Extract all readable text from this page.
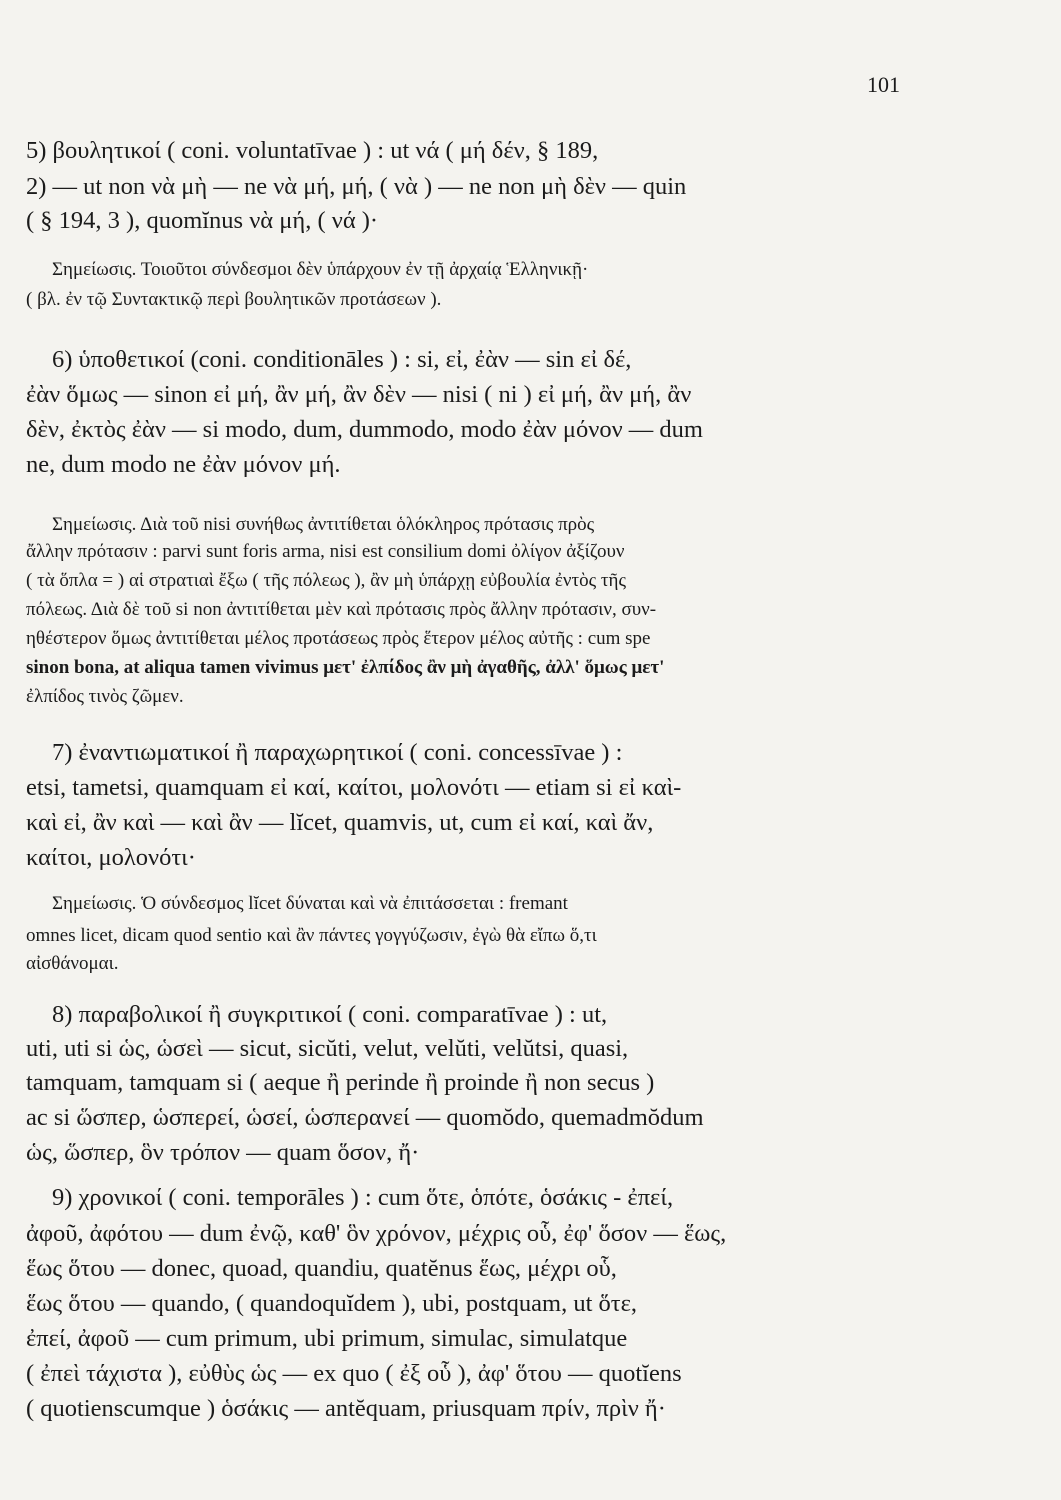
101
5) βουλητικοί ( coni. voluntatīvae ) : ut νά ( μή δέν, § 189,
2) — ut non νὰ μὴ — ne νὰ μή, μή, ( νὰ ) — ne non μὴ δὲν — quin
( § 194, 3 ), quomĭnus νὰ μή, ( νά )·
Σημείωσις. Τοιοῦτοι σύνδεσμοι δὲν ὑπάρχουν ἐν τῇ ἀρχαίᾳ Ἑλληνικῇ·
( βλ. ἐν τῷ Συντακτικῷ περὶ βουλητικῶν προτάσεων ).
6) ὑποθετικοί (coni. conditionāles ) : si, εἰ, ἐὰν — sin εἰ δέ,
ἐὰν ὅμως — sinon εἰ μή, ἂν μή, ἂν δὲν — nisi ( ni ) εἰ μή, ἂν μή, ἂν
δὲν, ἐκτὸς ἐὰν — si modo, dum, dummodo, modo ἐὰν μόνον — dum
ne, dum modo ne ἐὰν μόνον μή.
Σημείωσις. Διὰ τοῦ nisi συνήθως ἀντιτίθεται ὁλόκληρος πρότασις πρὸς
ἄλλην πρότασιν : parvi sunt foris arma, nisi est consilium domi ὀλίγον ἀξίζουν
( τὰ ὅπλα = ) αἱ στρατιαὶ ἔξω ( τῆς πόλεως ), ἂν μὴ ὑπάρχῃ εὐβουλία ἐντὸς τῆς
πόλεως. Διὰ δὲ τοῦ si non ἀντιτίθεται μὲν καὶ πρότασις πρὸς ἄλλην πρότασιν, συν-
ηθέστερον ὅμως ἀντιτίθεται μέλος προτάσεως πρὸς ἕτερον μέλος αὐτῆς : cum spe
sinon bona, at aliqua tamen vivimus μετ' ἐλπίδος ἂν μὴ ἀγαθῆς, ἀλλ' ὅμως μετ'
ἐλπίδος τινὸς ζῶμεν.
7) ἐναντιωματικοί ἢ παραχωρητικοί ( coni. concessīvae ) :
etsi, tametsi, quamquam εἰ καί, καίτοι, μολονότι — etiam si εἰ καὶ-
καὶ εἰ, ἂν καὶ — καὶ ἂν — lĭcet, quamvis, ut, cum εἰ καί, καὶ ἄν,
καίτοι, μολονότι·
Σημείωσις. Ὁ σύνδεσμος lĭcet δύναται καὶ νὰ ἐπιτάσσεται : fremant
omnes licet, dicam quod sentio καὶ ἂν πάντες γογγύζωσιν, ἐγὼ θὰ εἴπω ὅ,τι
αἰσθάνομαι.
8) παραβολικοί ἢ συγκριτικοί ( coni. comparatīvae ) : ut,
uti, uti si ὡς, ὡσεὶ — sicut, sicŭti, velut, velŭti, velŭtsi, quasi,
tamquam, tamquam si ( aeque ἢ perinde ἢ proinde ἢ non secus )
ac si ὥσπερ, ὡσπερεί, ὡσεί, ὡσπερανεί — quomŏdo, quemadmŏdum
ὡς, ὥσπερ, ὃν τρόπον — quam ὅσον, ἤ·
9) χρονικοί ( coni. temporāles ) : cum ὅτε, ὁπότε, ὁσάκις - ἐπεί,
ἀφοῦ, ἀφότου — dum ἐνῷ, καθ' ὃν χρόνον, μέχρις οὗ, ἐφ' ὅσον — ἕως,
ἕως ὅτου — donec, quoad, quandiu, quatĕnus ἕως, μέχρι οὗ,
ἕως ὅτου — quando, ( quandoquĭdem ), ubi, postquam, ut ὅτε,
ἐπεί, ἀφοῦ — cum primum, ubi primum, simulac, simulatque
( ἐπεὶ τάχιστα ), εὐθὺς ὡς — ex quo ( ἐξ οὗ ), ἀφ' ὅτου — quotĭens
( quotienscumque ) ὁσάκις — antĕquam, priusquam πρίν, πρὶν ἤ·
